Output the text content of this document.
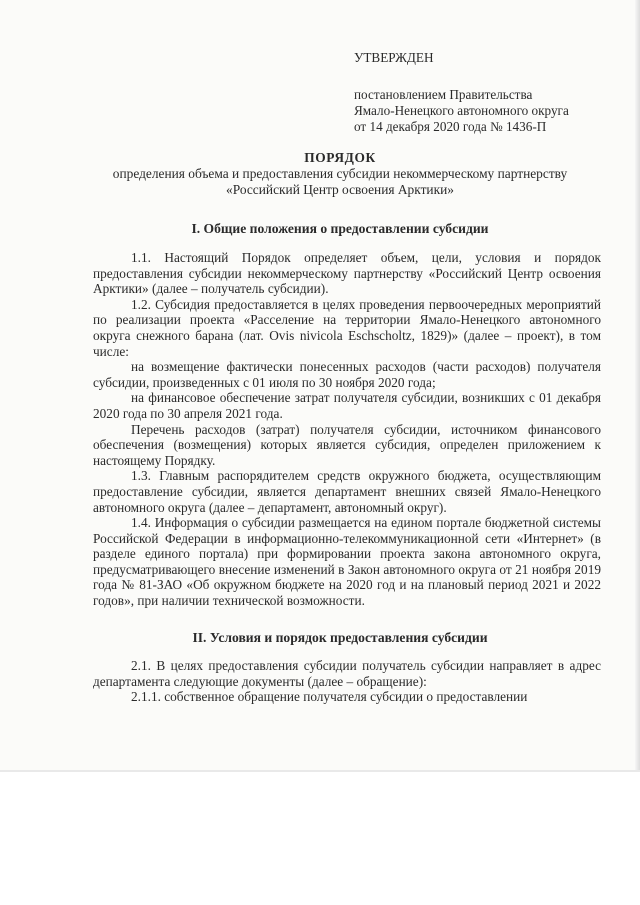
УТВЕРЖДЕН
постановлением Правительства
Ямало-Ненецкого автономного округа
от 14 декабря 2020 года № 1436-П
ПОРЯДОК
определения объема и предоставления субсидии некоммерческому партнерству
«Российский Центр освоения Арктики»
I. Общие положения о предоставлении субсидии

1.1. Настоящий Порядок определяет объем, цели, условия и порядок предоставления субсидии некоммерческому партнерству «Российский Центр освоения Арктики» (далее – получатель субсидии).

1.2. Субсидия предоставляется в целях проведения первоочередных мероприятий по реализации проекта «Расселение на территории Ямало-Ненецкого автономного округа снежного барана (лат. Ovis nivicola Eschscholtz, 1829)» (далее – проект), в том числе:

на возмещение фактически понесенных расходов (части расходов) получателя субсидии, произведенных с 01 июля по 30 ноября 2020 года;

на финансовое обеспечение затрат получателя субсидии, возникших с 01 декабря 2020 года по 30 апреля 2021 года.

Перечень расходов (затрат) получателя субсидии, источником финансового обеспечения (возмещения) которых является субсидия, определен приложением к настоящему Порядку.

1.3. Главным распорядителем средств окружного бюджета, осуществляющим предоставление субсидии, является департамент внешних связей Ямало-Ненецкого автономного округа (далее – департамент, автономный округ).

1.4. Информация о субсидии размещается на едином портале бюджетной системы Российской Федерации в информационно-телекоммуникационной сети «Интернет» (в разделе единого портала) при формировании проекта закона автономного округа, предусматривающего внесение изменений в Закон автономного округа от 21 ноября 2019 года № 81-ЗАО «Об окружном бюджете на 2020 год и на плановый период 2021 и 2022 годов», при наличии технической возможности.

II. Условия и порядок предоставления субсидии

2.1. В целях предоставления субсидии получатель субсидии направляет в адрес департамента следующие документы (далее – обращение):

2.1.1. собственное обращение получателя субсидии о предоставлении
